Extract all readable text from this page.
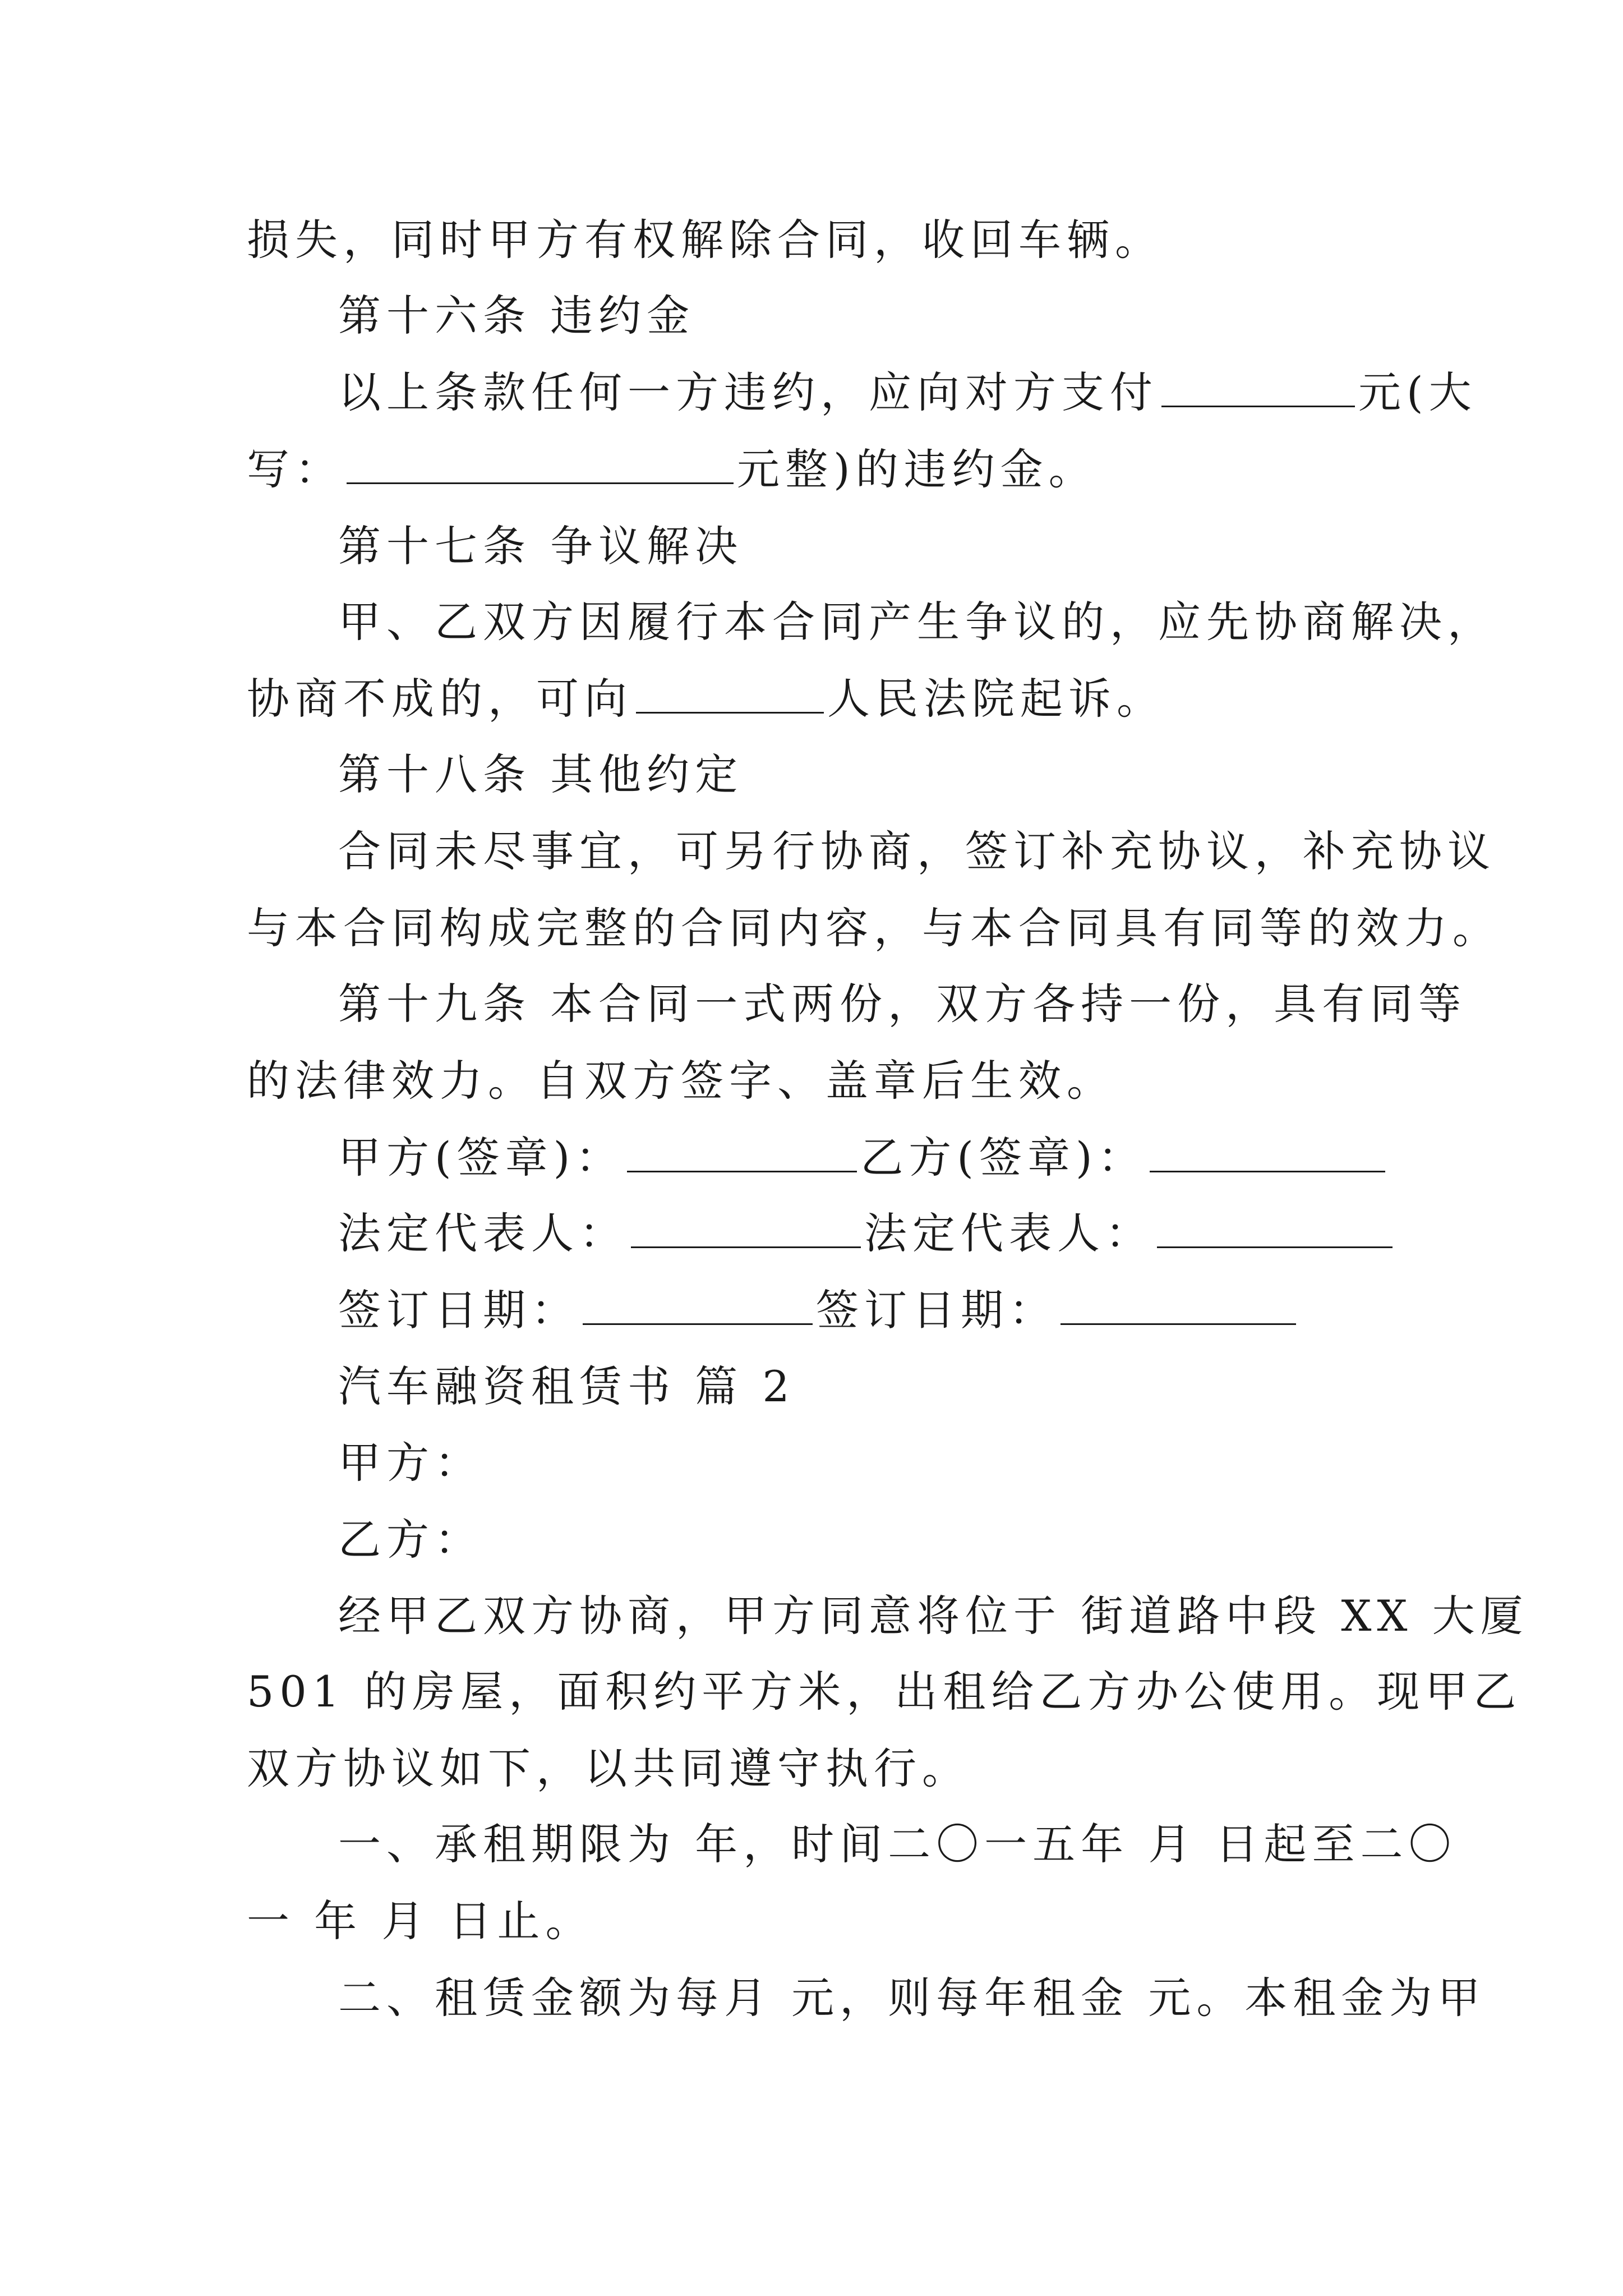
损失，同时甲方有权解除合同，收回车辆。
第十六条 违约金
以上条款任何一方违约，应向对方支付	元(大
写：	元整)的违约金。
第十七条 争议解决
甲、乙双方因履行本合同产生争议的，应先协商解决，
协商不成的，可向	人民法院起诉。
第十八条 其他约定
合同未尽事宜，可另行协商，签订补充协议，补充协议
与本合同构成完整的合同内容，与本合同具有同等的效力。
第十九条 本合同一式两份，双方各持一份，具有同等
的法律效力。自双方签字、盖章后生效。
甲方(签章)：	乙方(签章)：
法定代表人：	法定代表人：
签订日期：	签订日期：
汽车融资租赁书 篇 2
甲方：
乙方：
经甲乙双方协商，甲方同意将位于 街道路中段 XX 大厦
501 的房屋，面积约平方米，出租给乙方办公使用。现甲乙
双方协议如下，以共同遵守执行。
一、承租期限为 年，时间二〇一五年 月 日起至二〇
一 年 月 日止。
二、租赁金额为每月 元，则每年租金 元。本租金为甲
